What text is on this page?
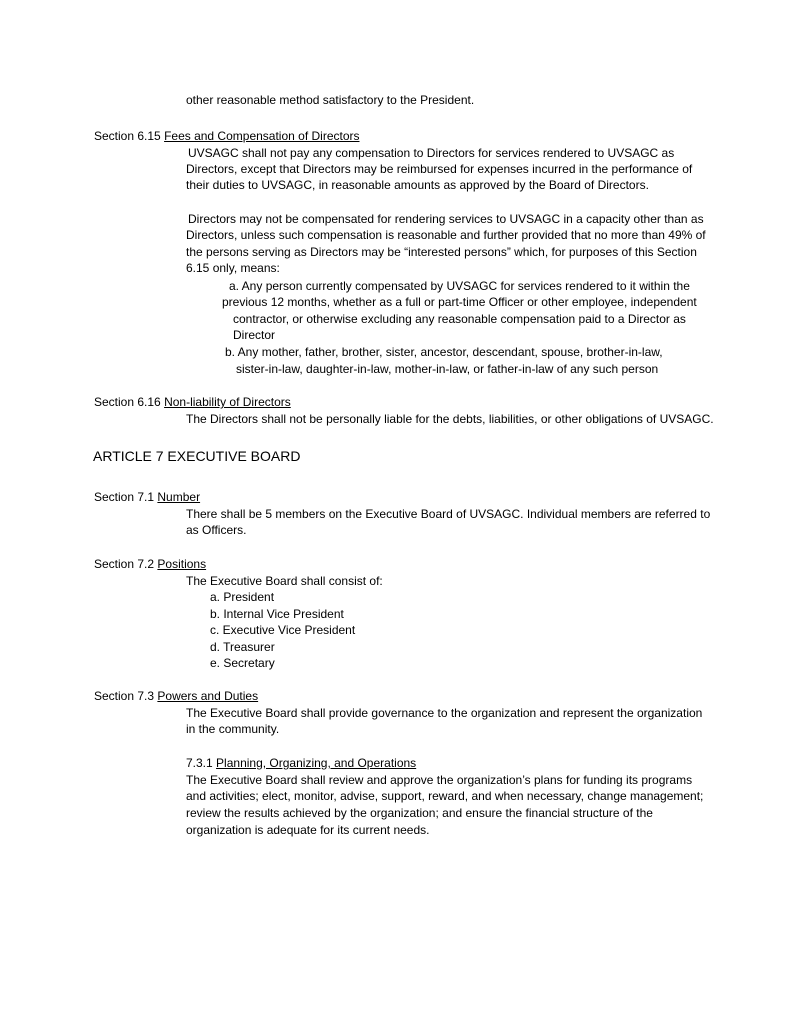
other reasonable method satisfactory to the President.
Section 6.15 Fees and Compensation of Directors
UVSAGC shall not pay any compensation to Directors for services rendered to UVSAGC as
Directors, except that Directors may be reimbursed for expenses incurred in the performance of
their duties to UVSAGC, in reasonable amounts as approved by the Board of Directors.
Directors may not be compensated for rendering services to UVSAGC in a capacity other than as
Directors, unless such compensation is reasonable and further provided that no more than 49% of
the persons serving as Directors may be “interested persons” which, for purposes of this Section
6.15 only, means:
a. Any person currently compensated by UVSAGC for services rendered to it within the
previous 12 months, whether as a full or part-time Officer or other employee, independent
contractor, or otherwise excluding any reasonable compensation paid to a Director as
Director
b. Any mother, father, brother, sister, ancestor, descendant, spouse, brother-in-law,
sister-in-law, daughter-in-law, mother-in-law, or father-in-law of any such person
Section 6.16 Non-liability of Directors
The Directors shall not be personally liable for the debts, liabilities, or other obligations of UVSAGC.
ARTICLE 7 EXECUTIVE BOARD
Section 7.1 Number
There shall be 5 members on the Executive Board of UVSAGC. Individual members are referred to
as Officers.
Section 7.2 Positions
The Executive Board shall consist of:
a. President
b. Internal Vice President
c. Executive Vice President
d. Treasurer
e. Secretary
Section 7.3 Powers and Duties
The Executive Board shall provide governance to the organization and represent the organization
in the community.
7.3.1 Planning, Organizing, and Operations
The Executive Board shall review and approve the organization’s plans for funding its programs
and activities; elect, monitor, advise, support, reward, and when necessary, change management;
review the results achieved by the organization; and ensure the financial structure of the
organization is adequate for its current needs.
